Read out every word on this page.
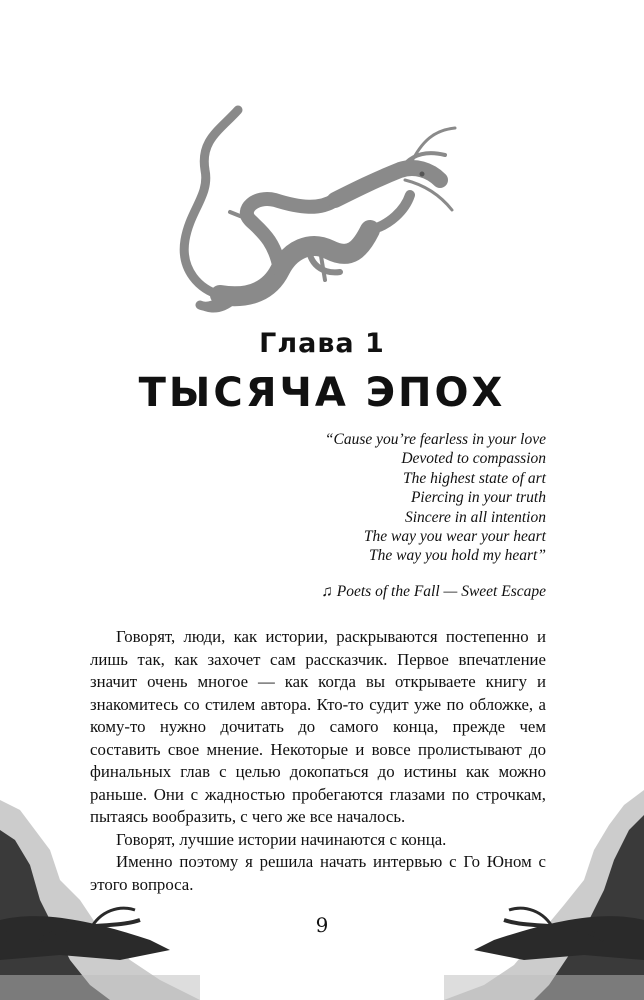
Глава 1
ТЫСЯЧА ЭПОХ
“Cause you’re fearless in your love
Devoted to compassion
The highest state of art
Piercing in your truth
Sincere in all intention
The way you wear your heart
The way you hold my heart”
♫ Poets of the Fall — Sweet Escape

Говорят, люди, как истории, раскрываются постепенно и лишь так, как захочет сам рассказчик. Первое впечатление значит очень многое — как когда вы открываете книгу и знакомитесь со стилем автора. Кто-то судит уже по обложке, а кому-то нужно дочитать до самого конца, прежде чем составить свое мнение. Некоторые и вовсе пролистывают до финальных глав с целью докопаться до истины как можно раньше. Они с жадностью пробегаются глазами по строчкам, пытаясь вообразить, с чего же все началось.

Говорят, лучшие истории начинаются с конца.

Именно поэтому я решила начать интервью с Го Юном с этого вопроса.

9
